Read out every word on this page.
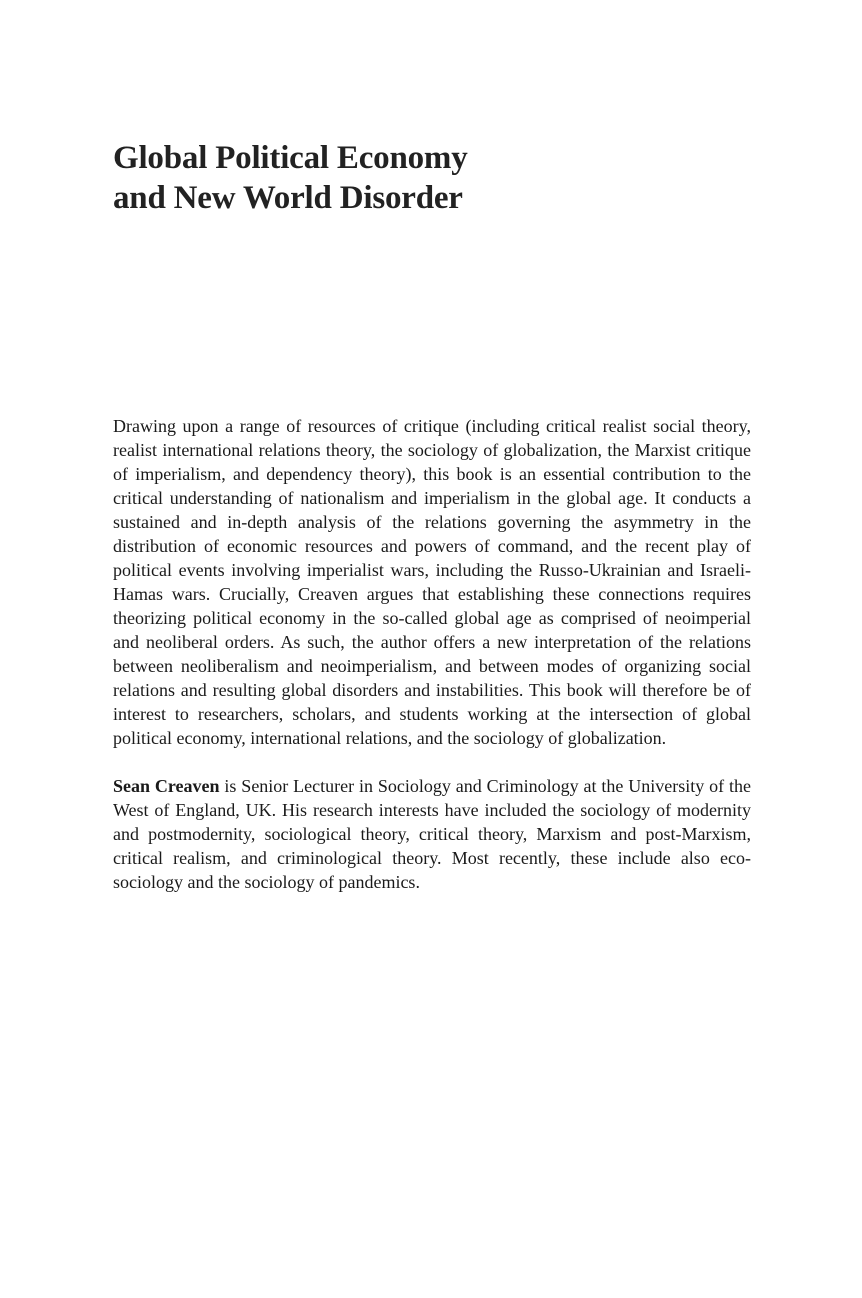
Global Political Economy
and New World Disorder

Drawing upon a range of resources of critique (including critical realist social theory, realist international relations theory, the sociology of globalization, the Marxist critique of imperialism, and dependency theory), this book is an essential contribution to the critical understanding of nationalism and imperialism in the global age. It conducts a sustained and in-depth analysis of the relations governing the asymmetry in the distribution of economic resources and powers of command, and the recent play of political events involving imperialist wars, including the Russo-Ukrainian and Israeli-Hamas wars. Crucially, Creaven argues that establishing these connections requires theorizing political economy in the so-called global age as comprised of neoimperial and neoliberal orders. As such, the author offers a new interpretation of the relations between neoliberalism and neoimperialism, and between modes of organizing social relations and resulting global disorders and instabilities. This book will therefore be of interest to researchers, scholars, and students working at the intersection of global political economy, international relations, and the sociology of globalization.

Sean Creaven is Senior Lecturer in Sociology and Criminology at the University of the West of England, UK. His research interests have included the sociology of modernity and postmodernity, sociological theory, critical theory, Marxism and post-Marxism, critical realism, and criminological theory. Most recently, these include also eco-sociology and the sociology of pandemics.
